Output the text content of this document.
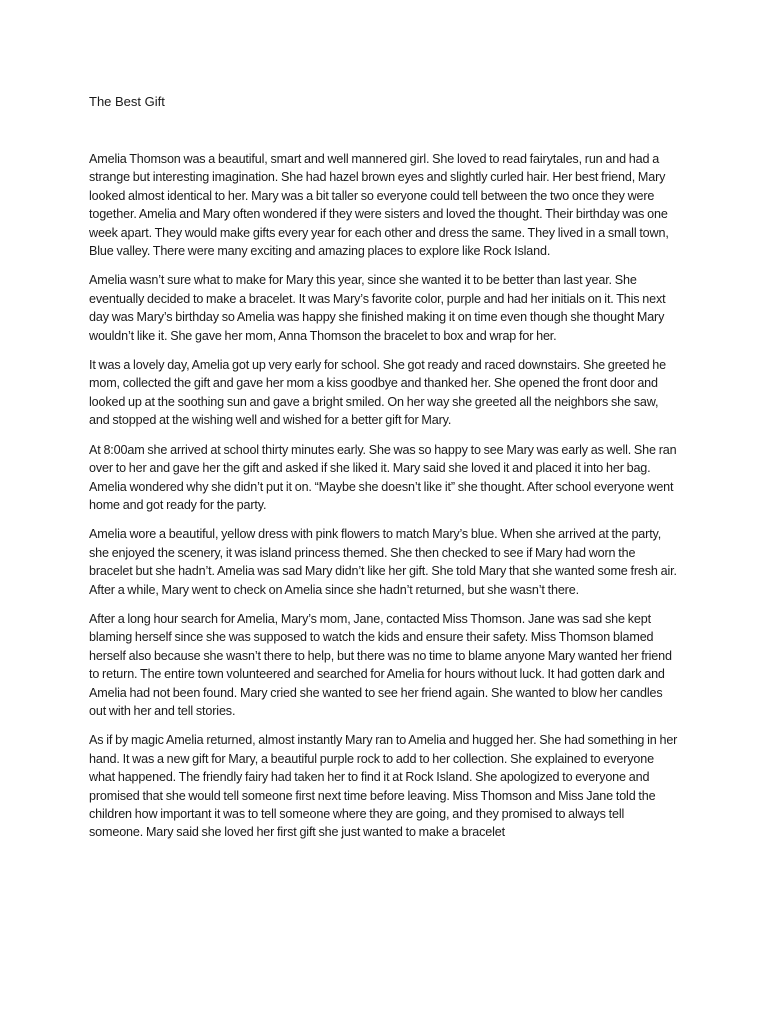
The Best Gift

Amelia Thomson was a beautiful, smart and well mannered girl. She loved to read fairytales, run and had a strange but interesting imagination. She had hazel brown eyes and slightly curled hair. Her best friend, Mary looked almost identical to her. Mary was a bit taller so everyone could tell between the two once they were together. Amelia and Mary often wondered if they were sisters and loved the thought. Their birthday was one week apart. They would make gifts every year for each other and dress the same. They lived in a small town, Blue valley. There were many exciting and amazing places to explore like Rock Island.

Amelia wasn’t sure what to make for Mary this year, since she wanted it to be better than last year. She eventually decided to make a bracelet. It was Mary’s favorite color, purple and had her initials on it. This next day was Mary’s birthday so Amelia was happy she finished making it on time even though she thought Mary wouldn’t like it. She gave her mom, Anna Thomson the bracelet to box and wrap for her.

It was a lovely day, Amelia got up very early for school. She got ready and raced downstairs. She greeted he mom, collected the gift and gave her mom a kiss goodbye and thanked her. She opened the front door and looked up at the soothing sun and gave a bright smiled. On her way she greeted all the neighbors she saw, and stopped at the wishing well and wished for a better gift for Mary.

At 8:00am she arrived at school thirty minutes early. She was so happy to see Mary was early as well. She ran over to her and gave her the gift and asked if she liked it. Mary said she loved it and placed it into her bag. Amelia wondered why she didn’t put it on. “Maybe she doesn’t like it” she thought. After school everyone went home and got ready for the party.

Amelia wore a beautiful, yellow dress with pink flowers to match Mary’s blue. When she arrived at the party, she enjoyed the scenery, it was island princess themed. She then checked to see if Mary had worn the bracelet but she hadn’t. Amelia was sad Mary didn’t like her gift. She told Mary that she wanted some fresh air. After a while, Mary went to check on Amelia since she hadn’t returned, but she wasn’t there.

After a long hour search for Amelia, Mary’s mom, Jane, contacted Miss Thomson. Jane was sad she kept blaming herself since she was supposed to watch the kids and ensure their safety. Miss Thomson blamed herself also because she wasn’t there to help, but there was no time to blame anyone Mary wanted her friend to return. The entire town volunteered and searched for Amelia for hours without luck. It had gotten dark and Amelia had not been found. Mary cried she wanted to see her friend again. She wanted to blow her candles out with her and tell stories.

As if by magic Amelia returned, almost instantly Mary ran to Amelia and hugged her. She had something in her hand. It was a new gift for Mary, a beautiful purple rock to add to her collection. She explained to everyone what happened. The friendly fairy had taken her to find it at Rock Island. She apologized to everyone and promised that she would tell someone first next time before leaving. Miss Thomson and Miss Jane told the children how important it was to tell someone where they are going, and they promised to always tell someone. Mary said she loved her first gift she just wanted to make a bracelet
